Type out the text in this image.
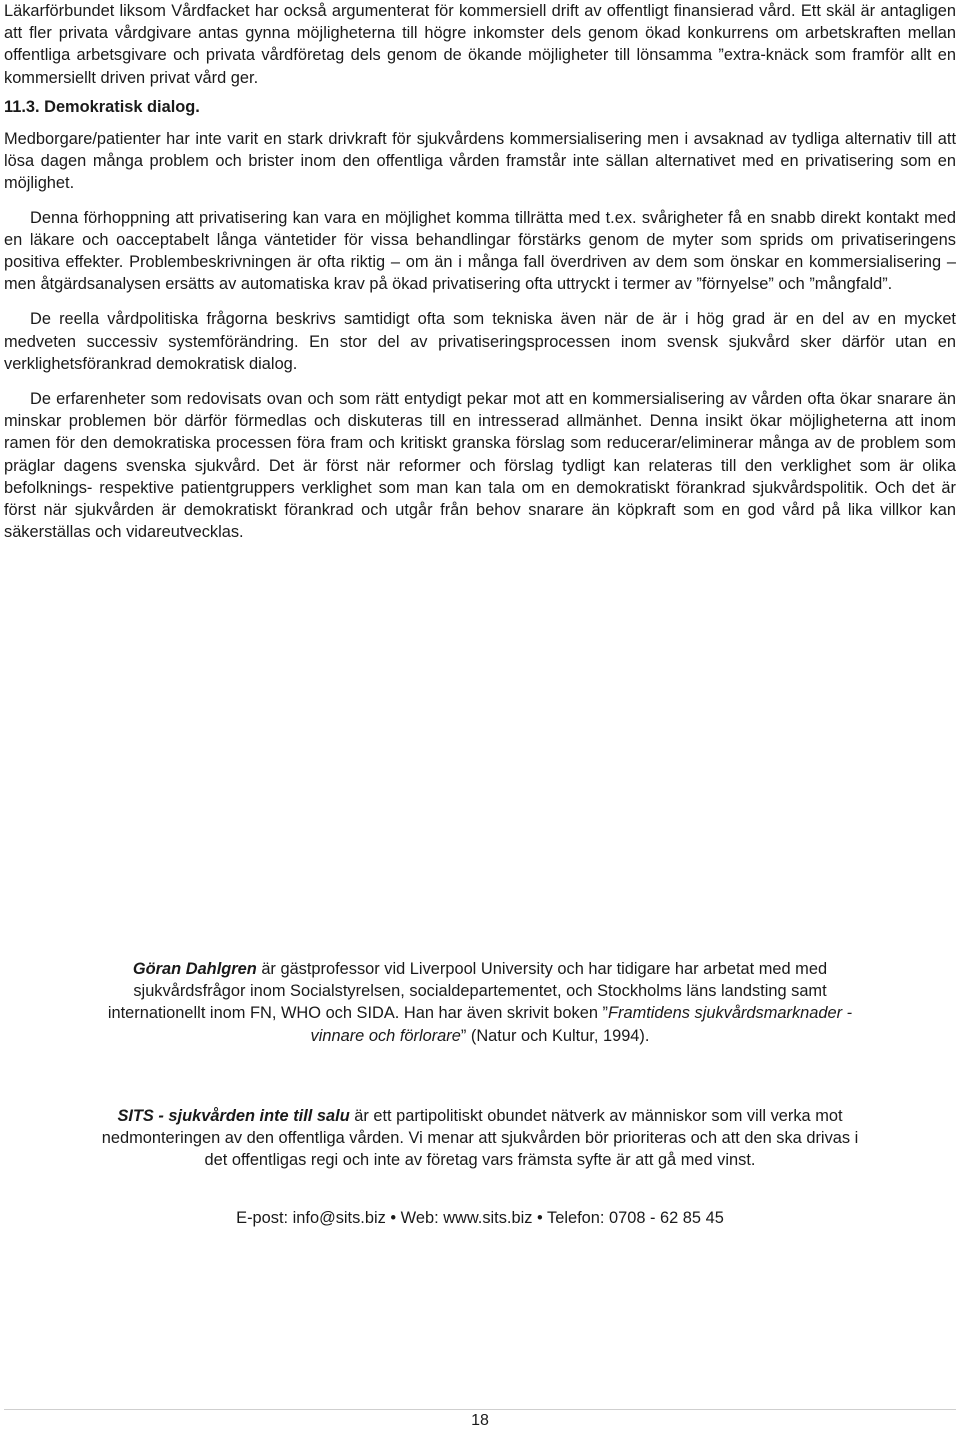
Läkarförbundet liksom Vårdfacket har också argumenterat för kommersiell drift av offentligt finansierad vård. Ett skäl är antagligen att fler privata vårdgivare antas gynna möjligheterna till högre inkomster dels genom ökad konkurrens om arbetskraften mellan offentliga arbetsgivare och privata vårdföretag dels genom de ökande möjligheter till lönsamma ”extra-knäck som framför allt en kommersiellt driven privat vård ger.

11.3. Demokratisk dialog.

Medborgare/patienter har inte varit en stark drivkraft för sjukvårdens kommersialisering men i avsaknad av tydliga alternativ till att lösa dagen många problem och brister inom den offentliga vården framstår inte sällan alternativet med en privatisering som en möjlighet.

Denna förhoppning att privatisering kan vara en möjlighet komma tillrätta med t.ex. svårigheter få en snabb direkt kontakt med en läkare och oacceptabelt långa väntetider för vissa behandlingar förstärks genom de myter som sprids om privatiseringens positiva effekter. Problembeskrivningen är ofta riktig – om än i många fall överdriven av dem som önskar en kommersialisering – men åtgärdsanalysen ersätts av automatiska krav på ökad privatisering ofta uttryckt i termer av ”förnyelse” och ”mångfald”.

De reella vårdpolitiska frågorna beskrivs samtidigt ofta som tekniska även när de är i hög grad är en del av en mycket medveten successiv systemförändring. En stor del av privatiseringsprocessen inom svensk sjukvård sker därför utan en verklighetsförankrad demokratisk dialog.

De erfarenheter som redovisats ovan och som rätt entydigt pekar mot att en kommersialisering av vården ofta ökar snarare än minskar problemen bör därför förmedlas och diskuteras till en intresserad allmänhet. Denna insikt ökar möjligheterna att inom ramen för den demokratiska processen föra fram och kritiskt granska förslag som reducerar/eliminerar många av de problem som präglar dagens svenska sjukvård. Det är först när reformer och förslag tydligt kan relateras till den verklighet som är olika befolknings- respektive patientgruppers verklighet som man kan tala om en demokratiskt förankrad sjukvårdspolitik. Och det är först när sjukvården är demokratiskt förankrad och utgår från behov snarare än köpkraft som en god vård på lika villkor kan säkerställas och vidareutvecklas.

Göran Dahlgren är gästprofessor vid Liverpool University och har tidigare har arbetat med med sjukvårdsfrågor inom Socialstyrelsen, socialdepartementet, och Stockholms läns landsting samt internationellt inom FN, WHO och SIDA. Han har även skrivit boken ”Framtidens sjukvårdsmarknader - vinnare och förlorare” (Natur och Kultur, 1994).

SITS - sjukvården inte till salu är ett partipolitiskt obundet nätverk av människor som vill verka mot nedmonteringen av den offentliga vården. Vi menar att sjukvården bör prioriteras och att den ska drivas i det offentligas regi och inte av företag vars främsta syfte är att gå med vinst.

E-post: info@sits.biz • Web: www.sits.biz • Telefon: 0708 - 62 85 45
18
